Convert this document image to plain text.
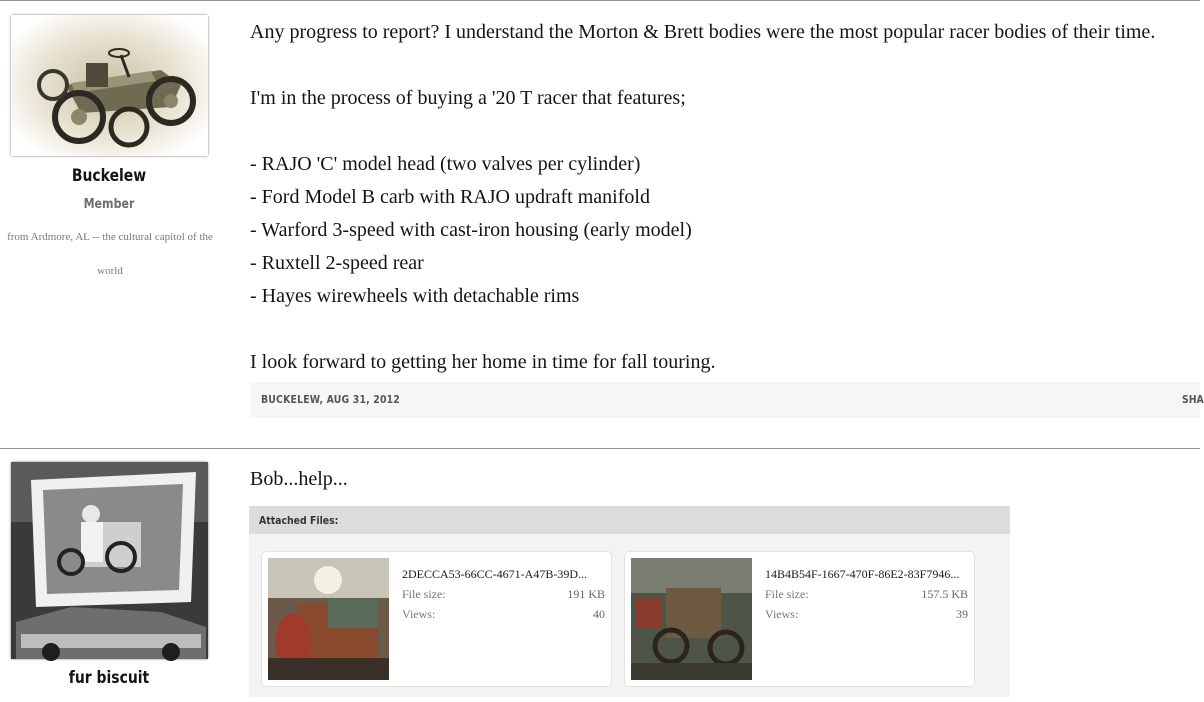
Buckelew
Member
from Ardmore, AL -- the cultural capitol of the world

Any progress to report? I understand the Morton & Brett bodies were the most popular racer bodies of their time.

I'm in the process of buying a '20 T racer that features;

- RAJO 'C' model head (two valves per cylinder)

- Ford Model B carb with RAJO updraft manifold

- Warford 3-speed with cast-iron housing (early model)

- Ruxtell 2-speed rear

- Hayes wirewheels with detachable rims

I look forward to getting her home in time for fall touring.

BUCKELEW, AUG 31, 2012	SHA
fur biscuit

Bob...help...

Attached Files:
2DECCA53-66CC-4671-A47B-39D...
File size:	191 KB
Views:	40
14B4B54F-1667-470F-86E2-83F7946...
File size:	157.5 KB
Views:	39
